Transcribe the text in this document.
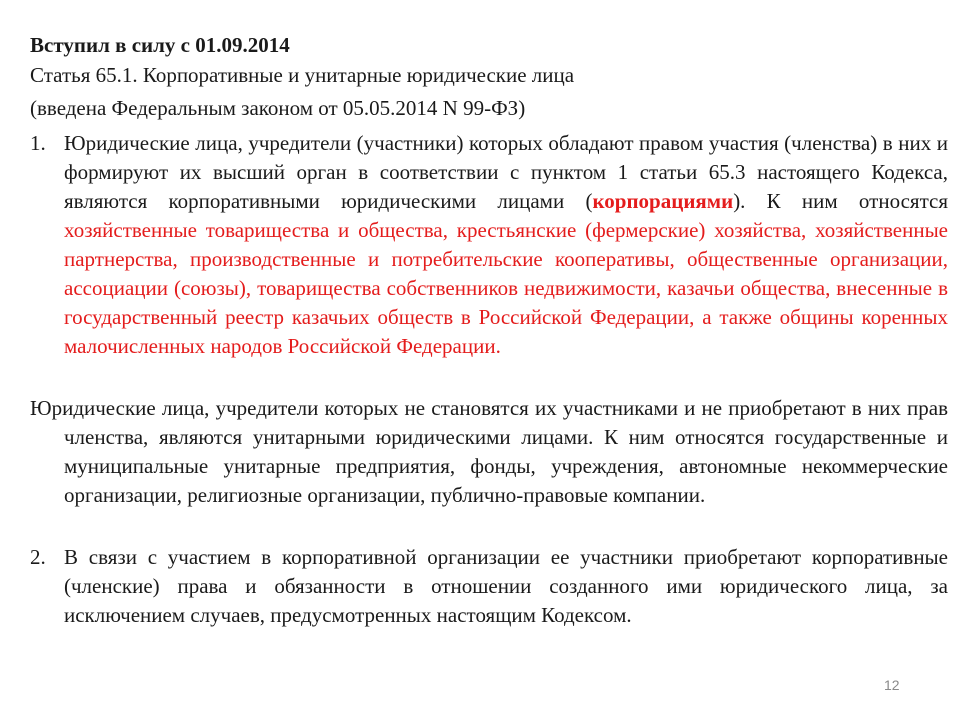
Вступил в силу с 01.09.2014
Статья 65.1. Корпоративные и унитарные юридические лица
(введена Федеральным законом от 05.05.2014 N 99-ФЗ)
1. Юридические лица, учредители (участники) которых обладают правом участия (членства) в них и формируют их высший орган в соответствии с пунктом 1 статьи 65.3 настоящего Кодекса, являются корпоративными юридическими лицами (корпорациями). К ним относятся хозяйственные товарищества и общества, крестьянские (фермерские) хозяйства, хозяйственные партнерства, производственные и потребительские кооперативы, общественные организации, ассоциации (союзы), товарищества собственников недвижимости, казачьи общества, внесенные в государственный реестр казачьих обществ в Российской Федерации, а также общины коренных малочисленных народов Российской Федерации.
Юридические лица, учредители которых не становятся их участниками и не приобретают в них прав членства, являются унитарными юридическими лицами. К ним относятся государственные и муниципальные унитарные предприятия, фонды, учреждения, автономные некоммерческие организации, религиозные организации, публично-правовые компании.
2. В связи с участием в корпоративной организации ее участники приобретают корпоративные (членские) права и обязанности в отношении созданного ими юридического лица, за исключением случаев, предусмотренных настоящим Кодексом.
12
